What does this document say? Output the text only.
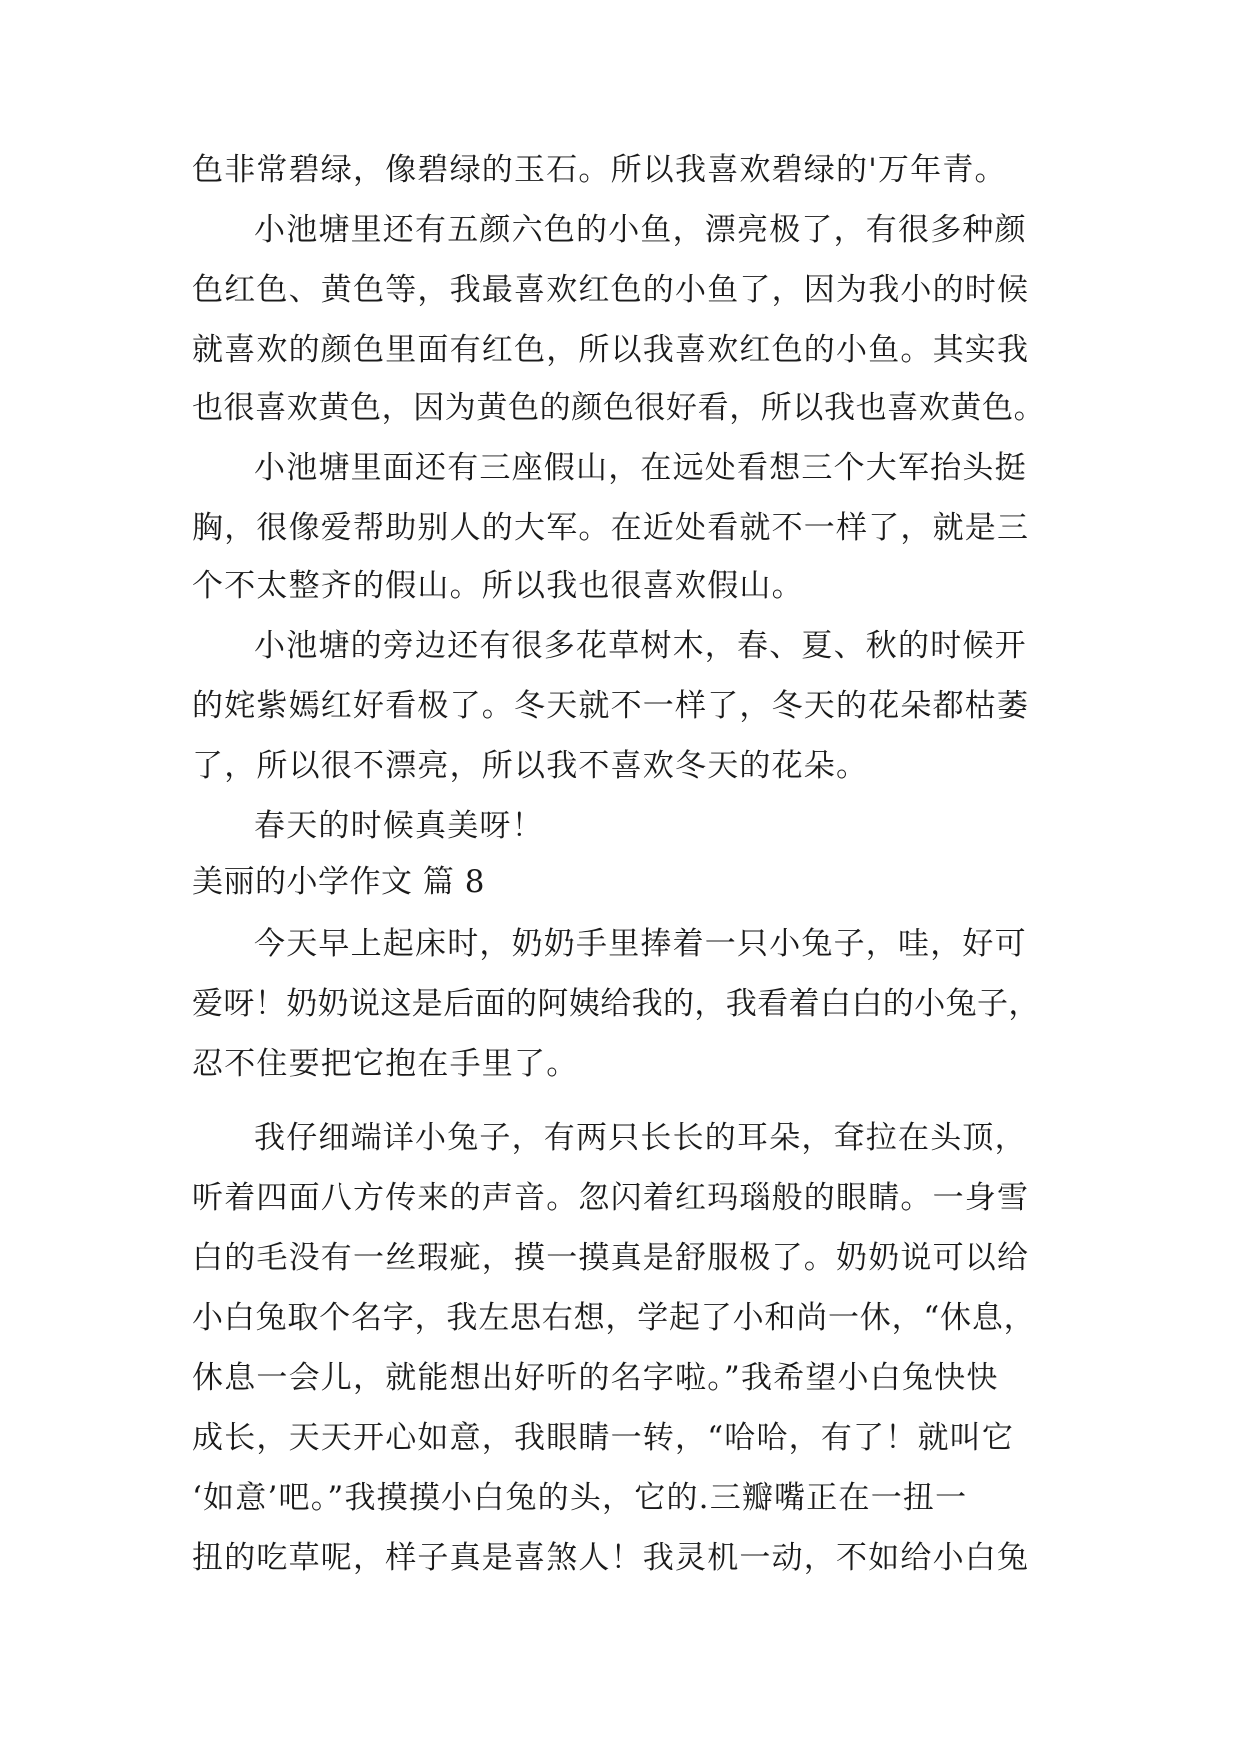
色非常碧绿，像碧绿的玉石。所以我喜欢碧绿的'万年青。
小池塘里还有五颜六色的小鱼，漂亮极了，有很多种颜
色红色、黄色等，我最喜欢红色的小鱼了，因为我小的时候
就喜欢的颜色里面有红色，所以我喜欢红色的小鱼。其实我
也很喜欢黄色，因为黄色的颜色很好看，所以我也喜欢黄色。
小池塘里面还有三座假山，在远处看想三个大军抬头挺
胸，很像爱帮助别人的大军。在近处看就不一样了，就是三
个不太整齐的假山。所以我也很喜欢假山。
小池塘的旁边还有很多花草树木，春、夏、秋的时候开
的姹紫嫣红好看极了。冬天就不一样了，冬天的花朵都枯萎
了，所以很不漂亮，所以我不喜欢冬天的花朵。
春天的时候真美呀！
美丽的小学作文 篇 8
今天早上起床时，奶奶手里捧着一只小兔子，哇，好可
爱呀！奶奶说这是后面的阿姨给我的，我看着白白的小兔子，
忍不住要把它抱在手里了。
我仔细端详小兔子，有两只长长的耳朵，耷拉在头顶，
听着四面八方传来的声音。忽闪着红玛瑙般的眼睛。一身雪
白的毛没有一丝瑕疵，摸一摸真是舒服极了。奶奶说可以给
小白兔取个名字，我左思右想，学起了小和尚一休，“休息，
休息一会儿，就能想出好听的名字啦。”我希望小白兔快快
成长，天天开心如意，我眼睛一转，“哈哈，有了！就叫它
‘如意’吧。”我摸摸小白兔的头，它的.三瓣嘴正在一扭一
扭的吃草呢，样子真是喜煞人！我灵机一动，不如给小白兔
